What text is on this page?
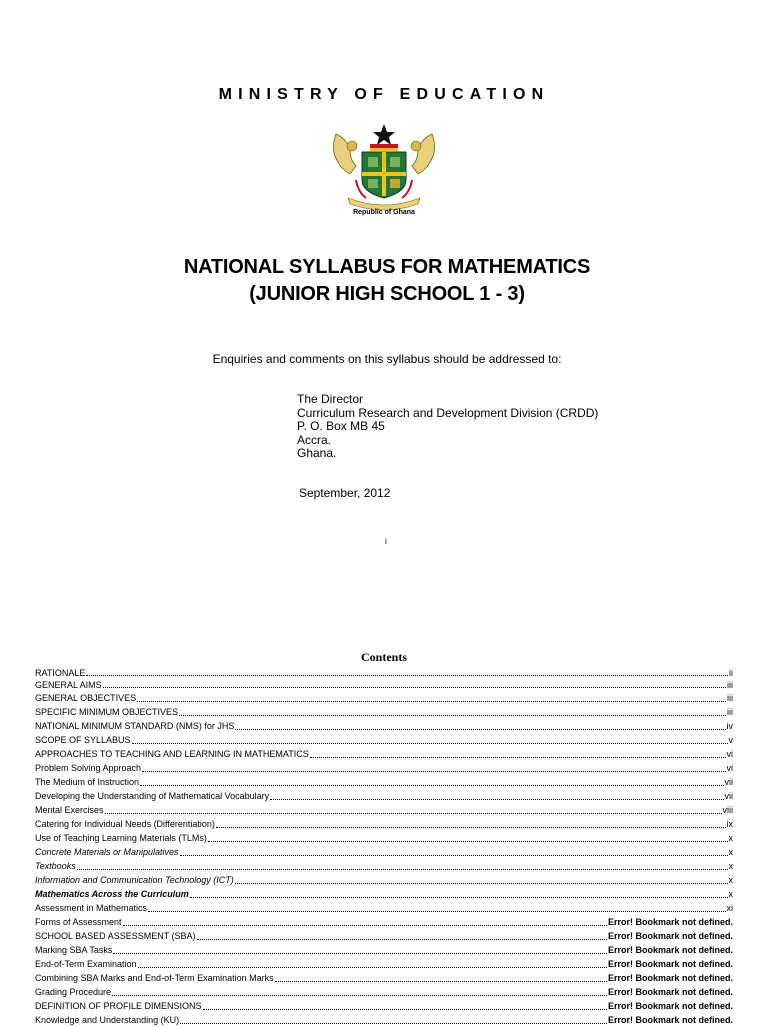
MINISTRY OF EDUCATION
Republic of Ghana
NATIONAL SYLLABUS FOR MATHEMATICS
(JUNIOR HIGH SCHOOL 1 - 3)
Enquiries and comments on this syllabus should be addressed to:
The Director
Curriculum Research and Development Division (CRDD)
P. O. Box MB 45
Accra.
Ghana.
September, 2012
i
Contents
RATIONALE	ii
GENERAL AIMS	iii
GENERAL OBJECTIVES	iii
SPECIFIC MINIMUM OBJECTIVES	iii
NATIONAL MINIMUM STANDARD (NMS) for JHS	iv
SCOPE OF SYLLABUS	v
APPROACHES TO TEACHING AND LEARNING IN MATHEMATICS	vi
Problem Solving Approach	vi
The Medium of Instruction	vii
Developing the Understanding of Mathematical Vocabulary	vii
Mental Exercises	viii
Catering for Individual Needs (Differentiation)	ix
Use of Teaching Learning Materials (TLMs)	x
Concrete Materials or Manipulatives	x
Textbooks	x
Information and Communication Technology (ICT)	x
Mathematics Across the Curriculum	x
Assessment in Mathematics	xi
Forms of Assessment	Error! Bookmark not defined.
SCHOOL BASED ASSESSMENT (SBA)	Error! Bookmark not defined.
Marking SBA Tasks	Error! Bookmark not defined.
End-of-Term Examination	Error! Bookmark not defined.
Combining SBA Marks and End-of-Term Examination Marks	Error! Bookmark not defined.
Grading Procedure	Error! Bookmark not defined.
DEFINITION OF PROFILE DIMENSIONS	Error! Bookmark not defined.
Knowledge and Understanding (KU)	Error! Bookmark not defined.
